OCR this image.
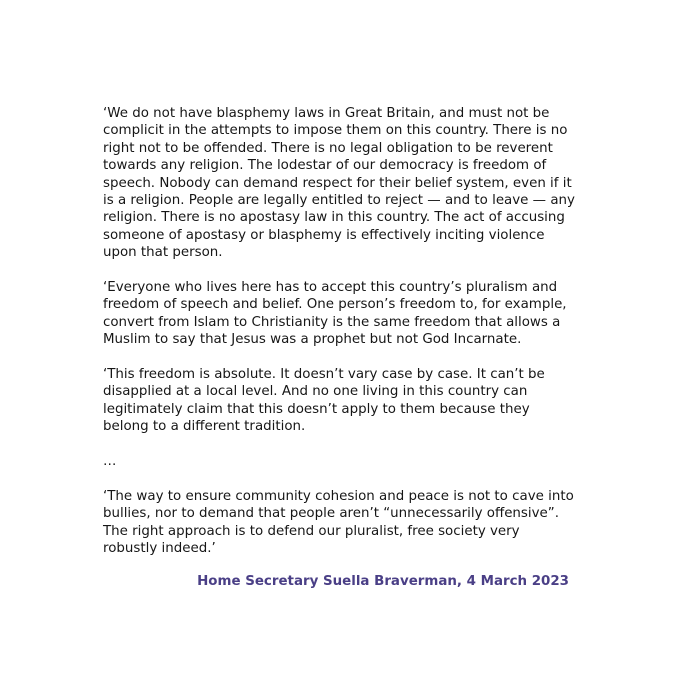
‘We do not have blasphemy laws in Great Britain, and must not be complicit in the attempts to impose them on this country. There is no right not to be offended. There is no legal obligation to be reverent towards any religion. The lodestar of our democracy is freedom of speech. Nobody can demand respect for their belief system, even if it is a religion. People are legally entitled to reject — and to leave — any religion. There is no apostasy law in this country. The act of accusing someone of apostasy or blasphemy is effectively inciting violence upon that person.

‘Everyone who lives here has to accept this country’s pluralism and freedom of speech and belief. One person’s freedom to, for example, convert from Islam to Christianity is the same freedom that allows a Muslim to say that Jesus was a prophet but not God Incarnate.

‘This freedom is absolute. It doesn’t vary case by case. It can’t be disapplied at a local level. And no one living in this country can legitimately claim that this doesn’t apply to them because they belong to a different tradition.

…

‘The way to ensure community cohesion and peace is not to cave into bullies, nor to demand that people aren’t “unnecessarily offensive”. The right approach is to defend our pluralist, free society very robustly indeed.’

Home Secretary Suella Braverman, 4 March 2023
